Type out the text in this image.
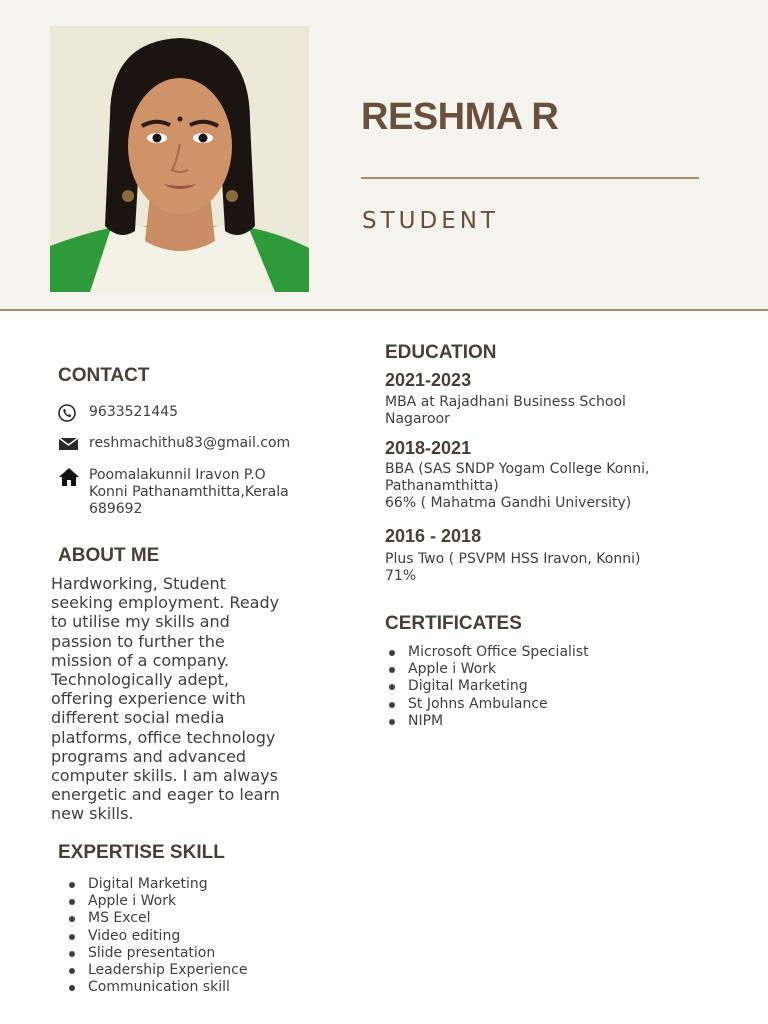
RESHMA R
STUDENT
CONTACT
9633521445
reshmachithu83@gmail.com
Poomalakunnil Iravon P.O
Konni Pathanamthitta,Kerala
689692
ABOUT ME
Hardworking, Student
seeking employment. Ready
to utilise my skills and
passion to further the
mission of a company.
Technologically adept,
offering experience with
different social media
platforms, office technology
programs and advanced
computer skills. I am always
energetic and eager to learn
new skills.
EXPERTISE SKILL
Digital Marketing
Apple i Work
MS Excel
Video editing
Slide presentation
Leadership Experience
Communication skill
EDUCATION
2021-2023
MBA at Rajadhani Business School
Nagaroor
2018-2021
BBA (SAS SNDP Yogam College Konni,
Pathanamthitta)
66% ( Mahatma Gandhi University)
2016 - 2018
Plus Two ( PSVPM HSS Iravon, Konni)
71%
CERTIFICATES
Microsoft Office Specialist
Apple i Work
Digital Marketing
St Johns Ambulance
NIPM
